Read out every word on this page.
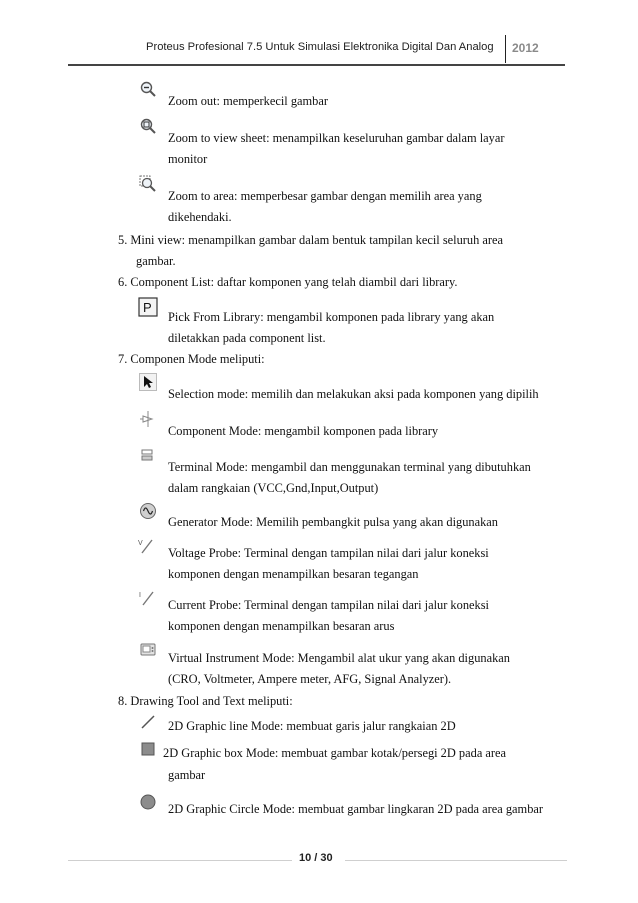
Proteus Profesional 7.5 Untuk Simulasi Elektronika Digital Dan Analog 2012
Zoom out: memperkecil gambar
Zoom to view sheet: menampilkan keseluruhan gambar dalam layar
monitor
Zoom to area: memperbesar gambar dengan memilih area yang
dikehendaki.
5. Mini view: menampilkan gambar dalam bentuk tampilan kecil seluruh area
gambar.
6. Component List: daftar komponen yang telah diambil dari library.
P
Pick From Library: mengambil komponen pada library yang akan
diletakkan pada component list.
7. Componen Mode meliputi:
Selection mode: memilih dan melakukan aksi pada komponen yang dipilih
Component Mode: mengambil komponen pada library
Terminal Mode: mengambil dan menggunakan terminal yang dibutuhkan
dalam rangkaian (VCC,Gnd,Input,Output)
Generator Mode: Memilih pembangkit pulsa yang akan digunakan
V
Voltage Probe: Terminal dengan tampilan nilai dari jalur koneksi
komponen dengan menampilkan besaran tegangan
I
Current Probe: Terminal dengan tampilan nilai dari jalur koneksi
komponen dengan menampilkan besaran arus
Virtual Instrument Mode: Mengambil alat ukur yang akan digunakan
(CRO, Voltmeter, Ampere meter, AFG, Signal Analyzer).
8. Drawing Tool and Text meliputi:
2D Graphic line Mode: membuat garis jalur rangkaian 2D
2D Graphic box Mode: membuat gambar kotak/persegi 2D pada area
gambar
2D Graphic Circle Mode: membuat gambar lingkaran 2D pada area gambar
10 / 30
